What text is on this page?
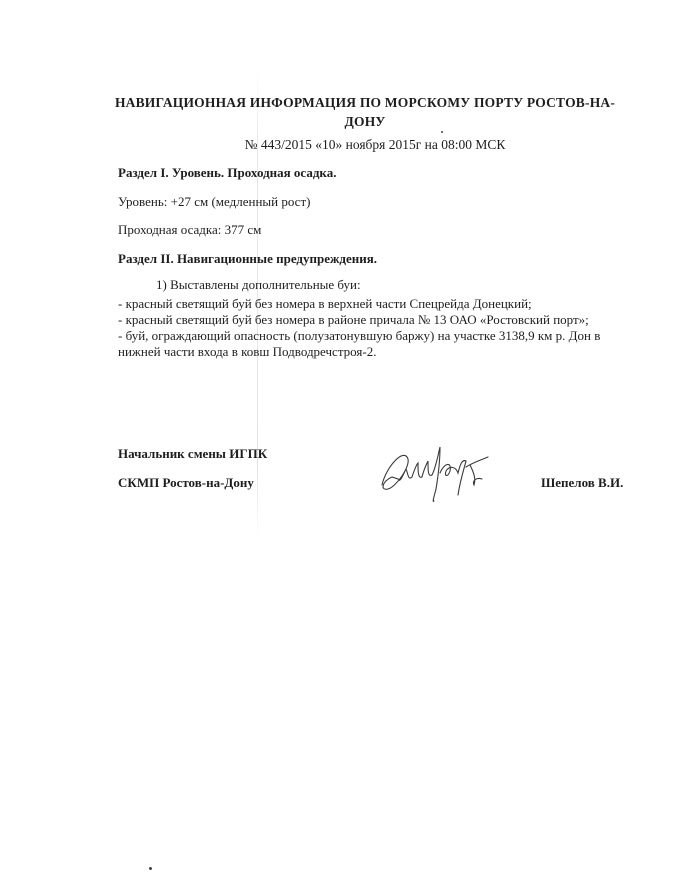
НАВИГАЦИОННАЯ ИНФОРМАЦИЯ ПО МОРСКОМУ ПОРТУ РОСТОВ-НА-ДОНУ
№ 443/2015 «10» ноября 2015г на 08:00 МСК
Раздел I. Уровень. Проходная осадка.
Уровень: +27 см (медленный рост)
Проходная осадка: 377 см
Раздел II. Навигационные предупреждения.
1) Выставлены дополнительные буи:
- красный светящий буй без номера в верхней части Спецрейда Донецкий;
- красный светящий буй без номера в районе причала № 13 ОАО «Ростовский порт»;
- буй, ограждающий опасность (полузатонувшую баржу) на участке 3138,9 км р. Дон в
нижней части входа в ковш Подводречстроя-2.
Начальник смены ИГПК
СКМП Ростов-на-Дону	Шепелов В.И.
